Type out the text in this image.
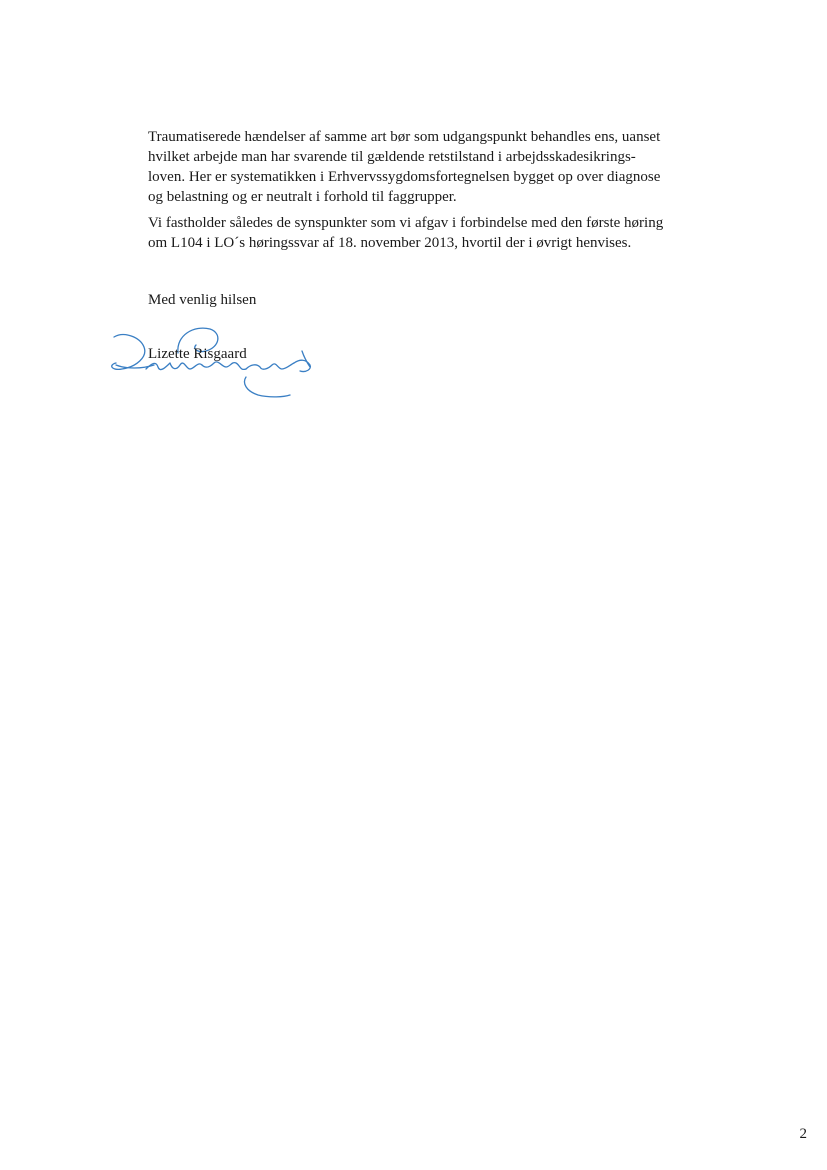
Traumatiserede hændelser af samme art bør som udgangspunkt behandles ens, uanset
hvilket arbejde man har svarende til gældende retstilstand i arbejdsskadesikrings-
loven. Her er systematikken i Erhvervssygdomsfortegnelsen bygget op over diagnose
og belastning og er neutralt i forhold til faggrupper.

Vi fastholder således de synspunkter som vi afgav i forbindelse med den første høring
om L104 i LO´s høringssvar af 18. november 2013, hvortil der i øvrigt henvises.

Med venlig hilsen
Lizette Risgaard
2
